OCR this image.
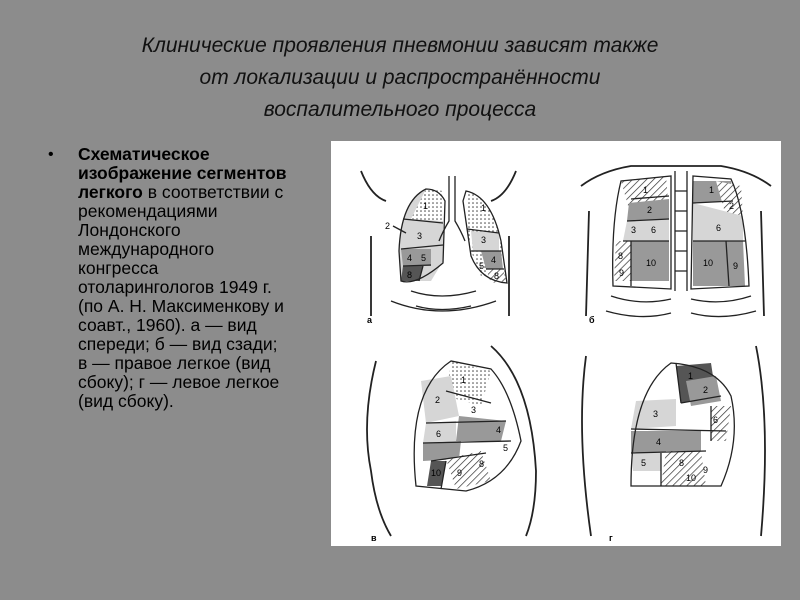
Клинические проявления пневмонии зависят также
от локализации и распространённости
воспалительного процесса
• Схематическое изображение сегментов легкого в соответствии с рекомендациями Лондонского международного конгресса отоларингологов 1949 г. (по А. Н. Максименкову и соавт., 1960). а — вид спереди; б — вид сзади; в — правое легкое (вид сбоку); г — левое легкое (вид сбоку).

1
2
3
4 5
8
1
3
4
5
8
а
1
2
3 6
8
9
10
1
2
6
10 9
б
1
2
3
4
5
6
8
9
10
в
1
2
3
4
5
6
8
9
10
г
